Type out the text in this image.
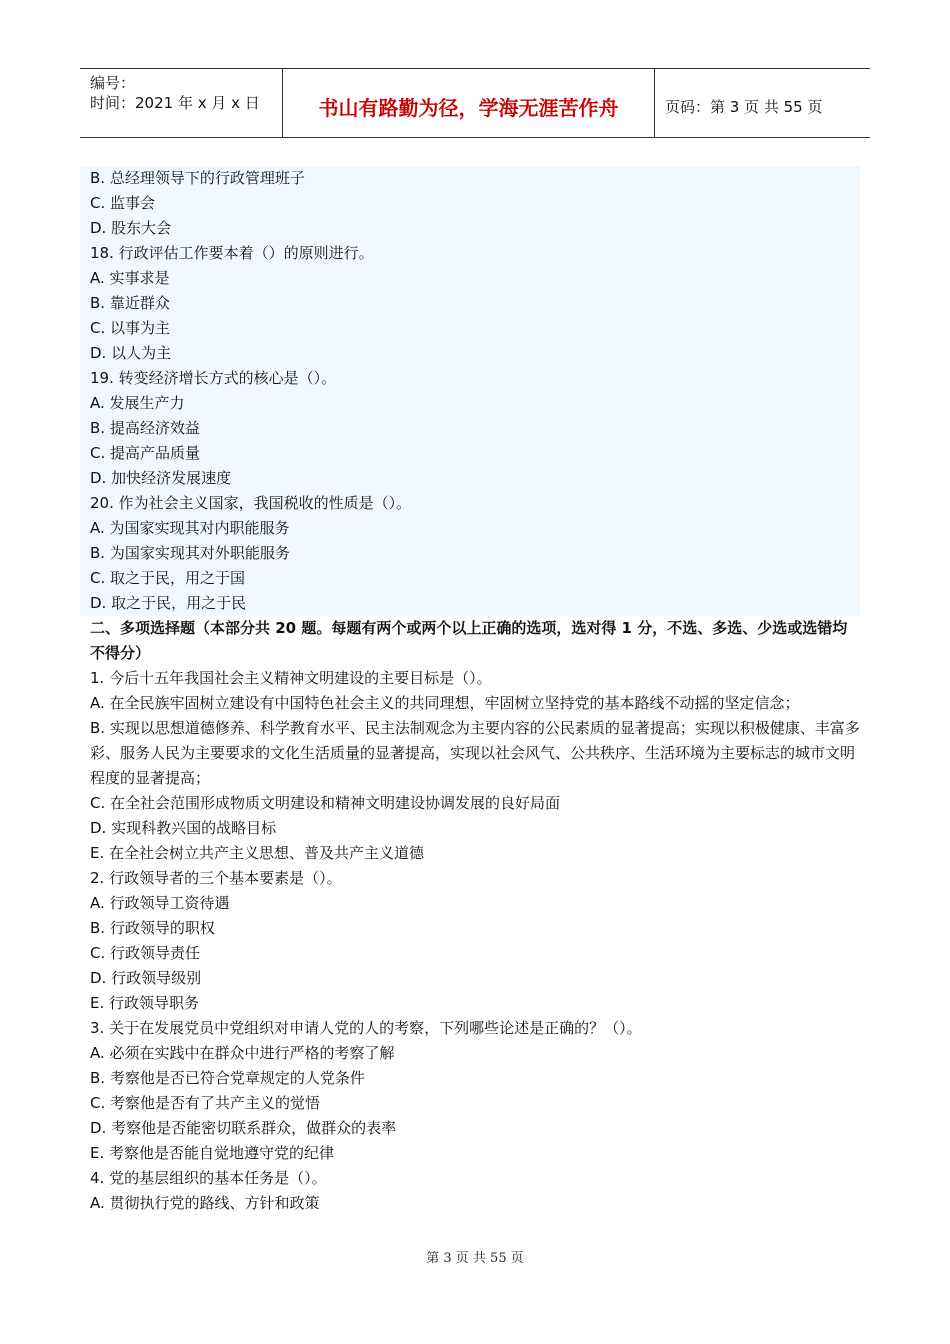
编号：
时间：2021 年 x 月 x 日	书山有路勤为径，学海无涯苦作舟	页码：第 3 页 共 55 页
B. 总经理领导下的行政管理班子
C. 监事会
D. 股东大会
18. 行政评估工作要本着（）的原则进行。
A. 实事求是
B. 靠近群众
C. 以事为主
D. 以人为主
19. 转变经济增长方式的核心是（）。
A. 发展生产力
B. 提高经济效益
C. 提高产品质量
D. 加快经济发展速度
20. 作为社会主义国家，我国税收的性质是（）。
A. 为国家实现其对内职能服务
B. 为国家实现其对外职能服务
C. 取之于民，用之于国
D. 取之于民，用之于民
二、多项选择题（本部分共 20 题。每题有两个或两个以上正确的选项，选对得 1 分，不选、多选、少选或选错均不得分）
1. 今后十五年我国社会主义精神文明建设的主要目标是（）。
A. 在全民族牢固树立建设有中国特色社会主义的共同理想，牢固树立坚持党的基本路线不动摇的坚定信念；
B. 实现以思想道德修养、科学教育水平、民主法制观念为主要内容的公民素质的显著提高；实现以积极健康、丰富多彩、服务人民为主要要求的文化生活质量的显著提高，实现以社会风气、公共秩序、生活环境为主要标志的城市文明程度的显著提高；
C. 在全社会范围形成物质文明建设和精神文明建设协调发展的良好局面
D. 实现科教兴国的战略目标
E. 在全社会树立共产主义思想、普及共产主义道德
2. 行政领导者的三个基本要素是（）。
A. 行政领导工资待遇
B. 行政领导的职权
C. 行政领导责任
D. 行政领导级别
E. 行政领导职务
3. 关于在发展党员中党组织对申请人党的人的考察，下列哪些论述是正确的？（）。
A. 必须在实践中在群众中进行严格的考察了解
B. 考察他是否已符合党章规定的人党条件
C. 考察他是否有了共产主义的觉悟
D. 考察他是否能密切联系群众，做群众的表率
E. 考察他是否能自觉地遵守党的纪律
4. 党的基层组织的基本任务是（）。
A. 贯彻执行党的路线、方针和政策
第 3 页 共 55 页
